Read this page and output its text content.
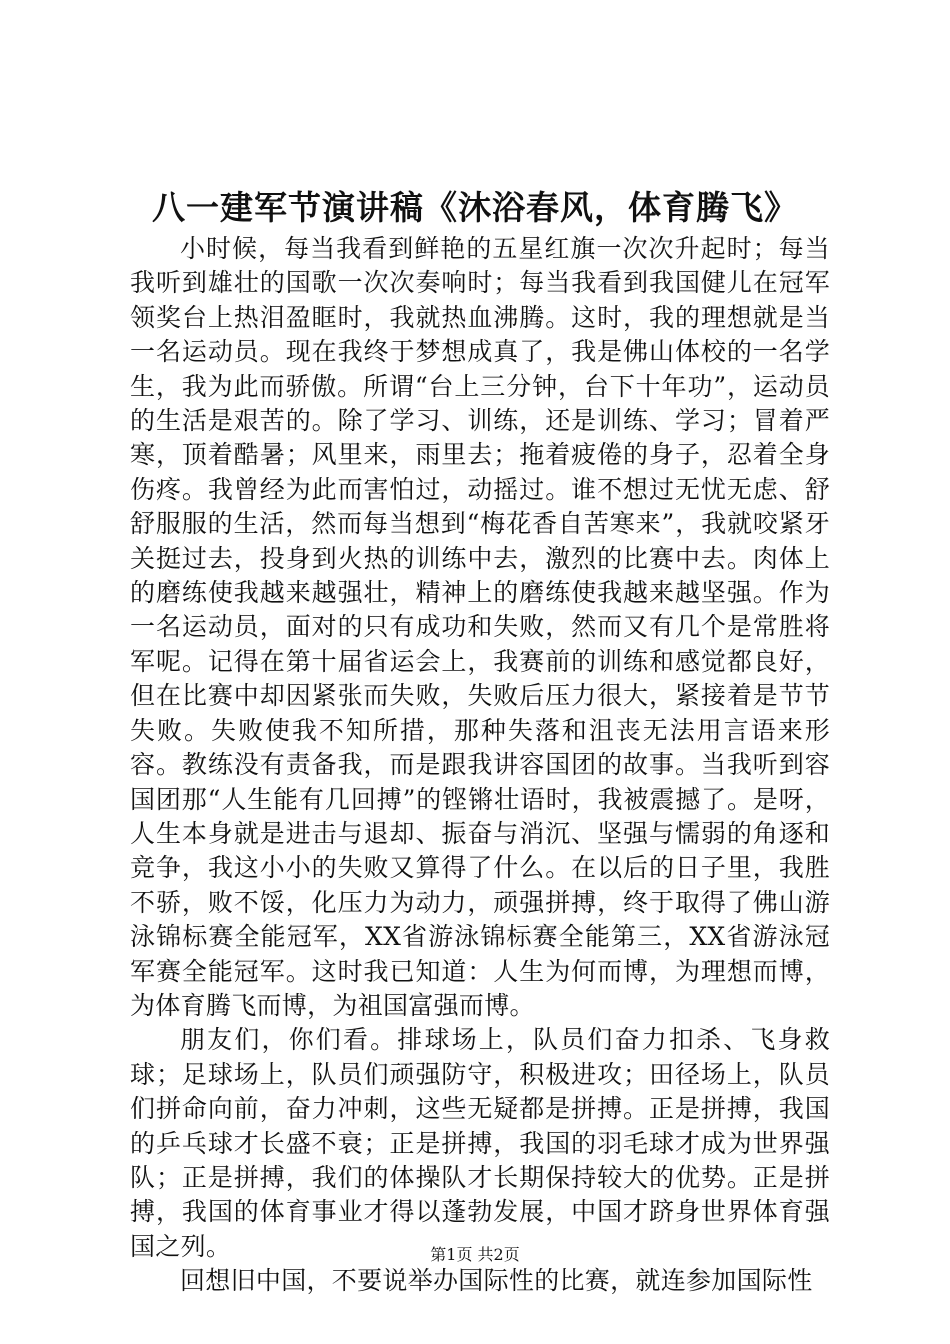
八一建军节演讲稿《沐浴春风，体育腾飞》

小时候，每当我看到鲜艳的五星红旗一次次升起时；每当我听到雄壮的国歌一次次奏响时；每当我看到我国健儿在冠军领奖台上热泪盈眶时，我就热血沸腾。这时，我的理想就是当一名运动员。现在我终于梦想成真了，我是佛山体校的一名学生，我为此而骄傲。所谓“台上三分钟，台下十年功”，运动员的生活是艰苦的。除了学习、训练，还是训练、学习；冒着严寒，顶着酷暑；风里来，雨里去；拖着疲倦的身子，忍着全身伤疼。我曾经为此而害怕过，动摇过。谁不想过无忧无虑、舒舒服服的生活，然而每当想到“梅花香自苦寒来”，我就咬紧牙关挺过去，投身到火热的训练中去，激烈的比赛中去。肉体上的磨练使我越来越强壮，精神上的磨练使我越来越坚强。作为一名运动员，面对的只有成功和失败，然而又有几个是常胜将军呢。记得在第十届省运会上，我赛前的训练和感觉都良好，但在比赛中却因紧张而失败，失败后压力很大，紧接着是节节失败。失败使我不知所措，那种失落和沮丧无法用言语来形容。教练没有责备我，而是跟我讲容国团的故事。当我听到容国团那“人生能有几回搏”的铿锵壮语时，我被震撼了。是呀，人生本身就是进击与退却、振奋与消沉、坚强与懦弱的角逐和竞争，我这小小的失败又算得了什么。在以后的日子里，我胜不骄，败不馁，化压力为动力，顽强拼搏，终于取得了佛山游泳锦标赛全能冠军，XX省游泳锦标赛全能第三，XX省游泳冠军赛全能冠军。这时我已知道：人生为何而博，为理想而博，为体育腾飞而博，为祖国富强而博。

朋友们，你们看。排球场上，队员们奋力扣杀、飞身救球；足球场上，队员们顽强防守，积极进攻；田径场上，队员们拼命向前，奋力冲刺，这些无疑都是拼搏。正是拼搏，我国的乒乓球才长盛不衰；正是拼搏，我国的羽毛球才成为世界强队；正是拼搏，我们的体操队才长期保持较大的优势。正是拼搏，我国的体育事业才得以蓬勃发展，中国才跻身世界体育强国之列。

回想旧中国，不要说举办国际性的比赛，就连参加国际性

第1页 共2页
